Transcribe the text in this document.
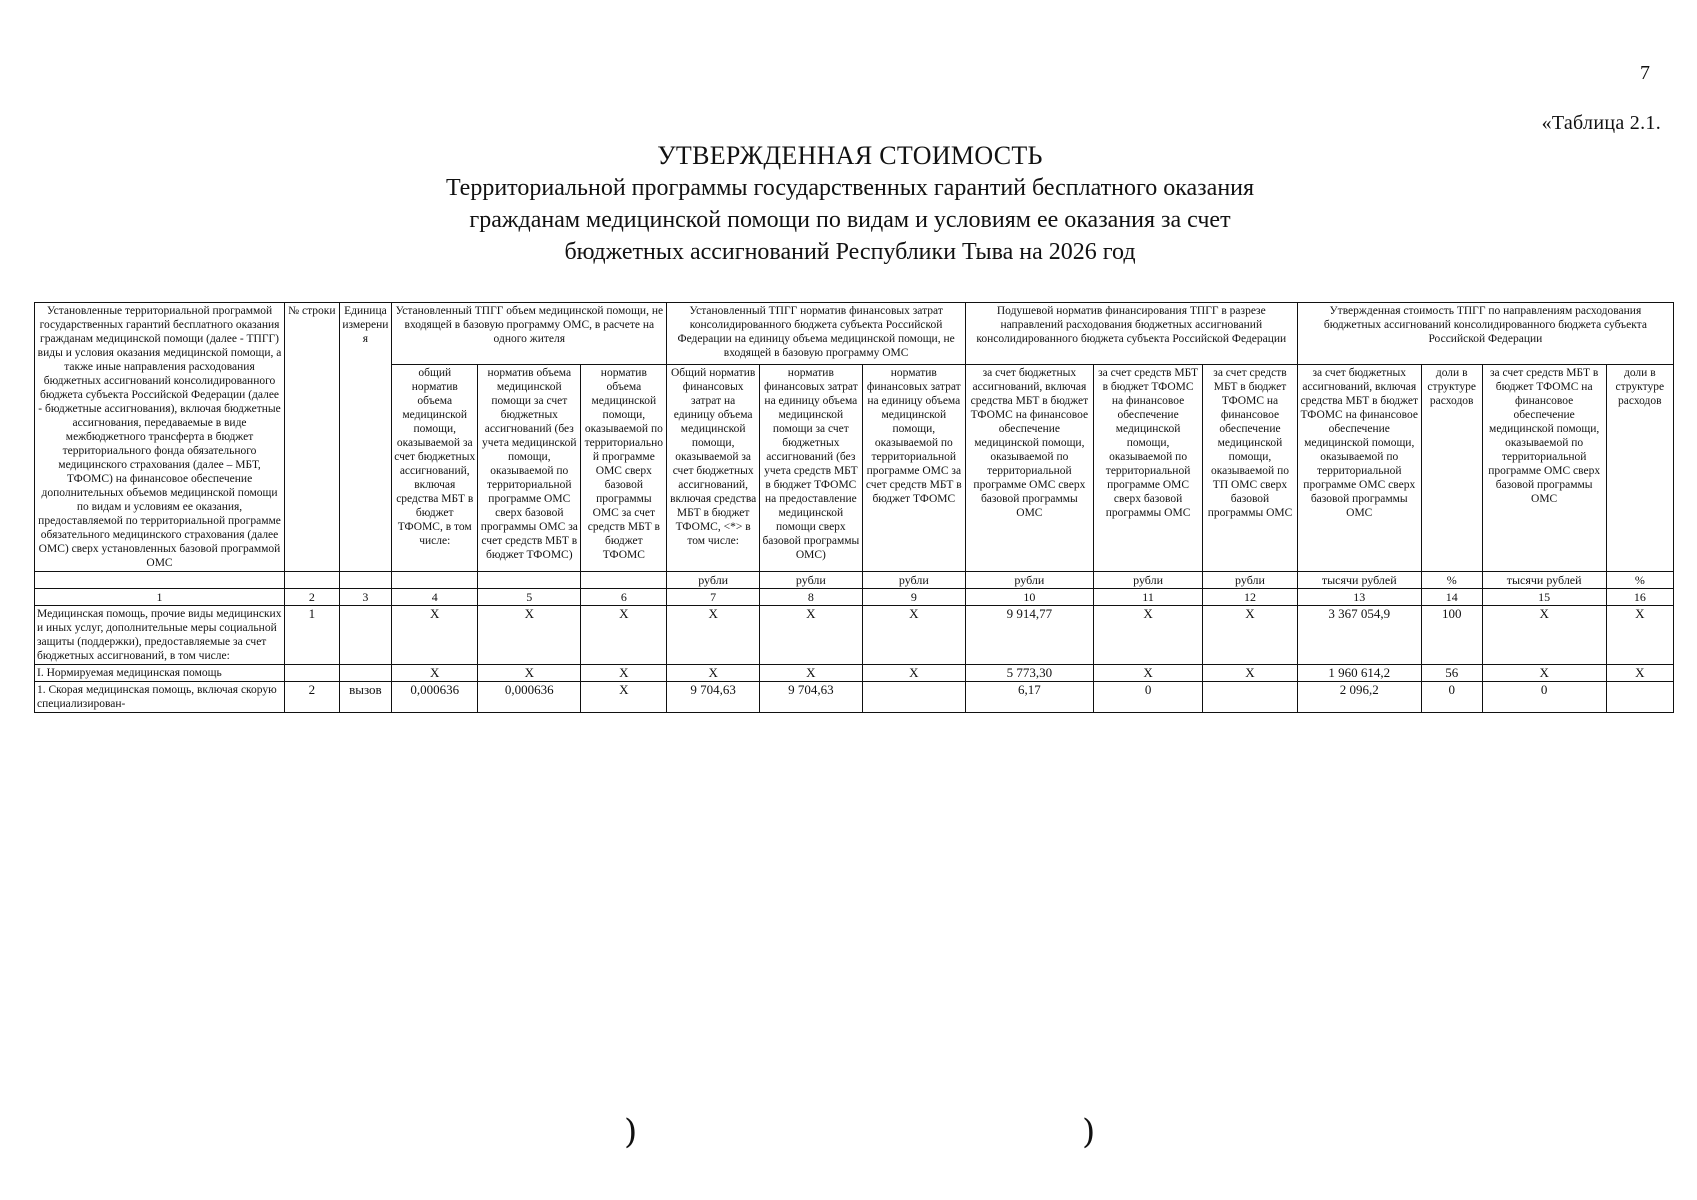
7
«Таблица 2.1.
УТВЕРЖДЕННАЯ СТОИМОСТЬ
Территориальной программы государственных гарантий бесплатного оказания
гражданам медицинской помощи по видам и условиям ее оказания за счет
бюджетных ассигнований Республики Тыва на 2026 год
Установленные территориальной программой государственных гарантий бесплатного оказания гражданам медицинской помощи (далее - ТПГГ) виды и условия оказания медицинской помощи, а также иные направления расходования бюджетных ассигнований консолидированного бюджета субъекта Российской Федерации (далее - бюджетные ассигнования), включая бюджетные ассигнования, передаваемые в виде межбюджетного трансферта в бюджет территориального фонда обязательного медицинского страхования (далее – МБТ, ТФОМС) на финансовое обеспечение дополнительных объемов медицинской помощи по видам и условиям ее оказания, предоставляемой по территориальной программе обязательного медицинского страхования (далее ОМС) сверх установленных базовой программой ОМС	№ строки	Единица измерения	Установленный ТПГГ объем медицинской помощи, не входящей в базовую программу ОМС, в расчете на одного жителя			Установленный ТПГГ норматив финансовых затрат консолидированного бюджета субъекта Российской Федерации на единицу объема медицинской помощи, не входящей в базовую программу ОМС			Подушевой норматив финансирования ТПГГ в разрезе направлений расходования бюджетных ассигнований консолидированного бюджета субъекта Российской Федерации			Утвержденная стоимость ТПГГ по направлениям расходования бюджетных ассигнований консолидированного бюджета субъекта Российской Федерации			
			общий норматив объема медицинской помощи, оказываемой за счет бюджетных ассигнований, включая средства МБТ в бюджет ТФОМС, в том числе:	норматив объема медицинской помощи за счет бюджетных ассигнований (без учета медицинской помощи, оказываемой по территориальной программе ОМС сверх базовой программы ОМС за счет средств МБТ в бюджет ТФОМС)	норматив объема медицинской помощи, оказываемой по территориальной программе ОМС сверх базовой программы ОМС за счет средств МБТ в бюджет ТФОМС	Общий норматив финансовых затрат на единицу объема медицинской помощи, оказываемой за счет бюджетных ассигнований, включая средства МБТ в бюджет ТФОМС, <*> в том числе:	норматив финансовых затрат на единицу объема медицинской помощи за счет бюджетных ассигнований (без учета средств МБТ в бюджет ТФОМС на предоставление медицинской помощи сверх базовой программы ОМС)	норматив финансовых затрат на единицу объема медицинской помощи, оказываемой по территориальной программе ОМС за счет средств МБТ в бюджет ТФОМС	за счет бюджетных ассигнований, включая средства МБТ в бюджет ТФОМС на финансовое обеспечение медицинской помощи, оказываемой по территориальной программе ОМС сверх базовой программы ОМС	за счет средств МБТ в бюджет ТФОМС на финансовое обеспечение медицинской помощи, оказываемой по территориальной программе ОМС сверх базовой программы ОМС	за счет средств МБТ в бюджет ТФОМС на финансовое обеспечение медицинской помощи, оказываемой по ТП ОМС сверх базовой программы ОМС	за счет бюджетных ассигнований, включая средства МБТ в бюджет ТФОМС на финансовое обеспечение медицинской помощи, оказываемой по территориальной программе ОМС сверх базовой программы ОМС	доли в структуре расходов	за счет средств МБТ в бюджет ТФОМС на финансовое обеспечение медицинской помощи, оказываемой по территориальной программе ОМС сверх базовой программы ОМС	доли в структуре расходов
						рубли	рубли	рубли	рубли	рубли	рубли	тысячи рублей	%	тысячи рублей	%
1	2	3	4	5	6	7	8	9	10	11	12	13	14	15	16
Медицинская помощь, прочие виды медицинских и иных услуг, дополнительные меры социальной защиты (поддержки), предоставляемые за счет бюджетных ассигнований, в том числе:	1		X	X	X	X	X	X	9 914,77	X	X	3 367 054,9	100	X	X
I. Нормируемая медицинская помощь			X	X	X	X	X	X	5 773,30	X	X	1 960 614,2	56	X	X
1. Скорая медицинская помощь, включая скорую специализирован-	2	вызов	0,000636	0,000636	X	9 704,63	9 704,63		6,17	0		2 096,2	0	0	
)	)
